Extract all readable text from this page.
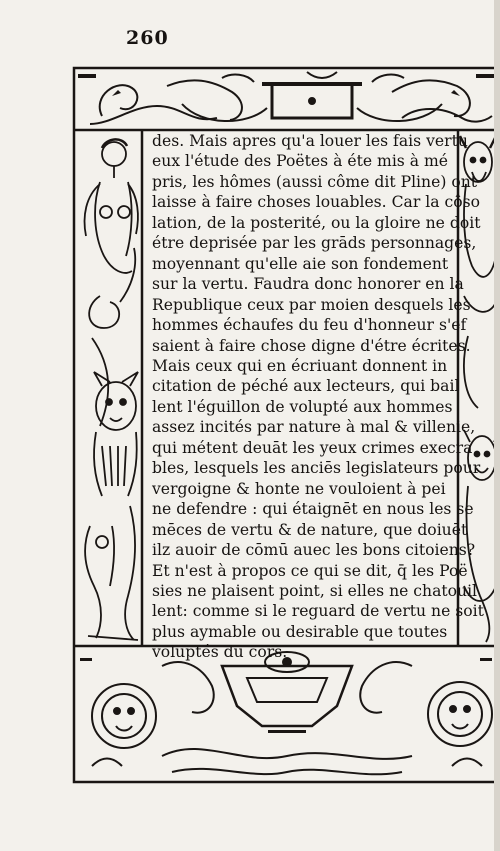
260
des. Mais apres qu'a louer les fais vertu
eux l'étude des Poëtes à éte mis à mé
pris, les hômes (aussi côme dit Pline) ont
laisse à faire choses louables. Car la côso
lation, de la posterité, ou la gloire ne doit
étre deprisée par les grāds personnages,
moyennant qu'elle aie son fondement
sur la vertu. Faudra donc honorer en la
Republique ceux par moien desquels les
hommes échaufes du feu d'honneur s'ef
saient à faire chose digne d'étre écrites.
Mais ceux qui en écriuant donnent in
citation de péché aux lecteurs, qui bail
lent l'éguillon de volupté aux hommes
assez incités par nature à mal & villenie,
qui métent deuāt les yeux crimes execra
bles, lesquels les anciēs legislateurs pour
vergoigne & honte ne vouloient à pei
ne defendre : qui étaignēt en nous les se
mēces de vertu & de nature, que doiuēt
ilz auoir de cōmū auec les bons citoiens?
Et n'est à propos ce qui se dit, q̄ les Poë
sies ne plaisent point, si elles ne chatouil
lent: comme si le reguard de vertu ne soit
plus aymable ou desirable que toutes
voluptés du cors.
